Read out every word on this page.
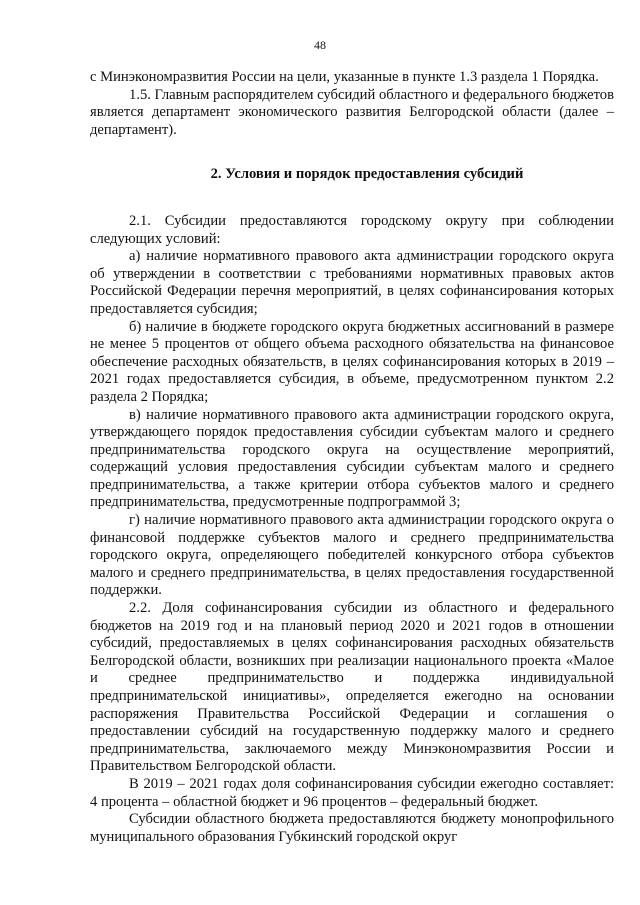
48

с Минэкономразвития России на цели, указанные в пункте 1.3 раздела 1 Порядка.

1.5. Главным распорядителем субсидий областного и федерального бюджетов является департамент экономического развития Белгородской области (далее – департамент).

2. Условия и порядок предоставления субсидий

2.1. Субсидии предоставляются городскому округу при соблюдении следующих условий:

а) наличие нормативного правового акта администрации городского округа об утверждении в соответствии с требованиями нормативных правовых актов Российской Федерации перечня мероприятий, в целях софинансирования которых предоставляется субсидия;

б) наличие в бюджете городского округа бюджетных ассигнований в размере не менее 5 процентов от общего объема расходного обязательства на финансовое обеспечение расходных обязательств, в целях софинансирования которых в 2019 – 2021 годах предоставляется субсидия, в объеме, предусмотренном пунктом 2.2 раздела 2 Порядка;

в) наличие нормативного правового акта администрации городского округа, утверждающего порядок предоставления субсидии субъектам малого и среднего предпринимательства городского округа на осуществление мероприятий, содержащий условия предоставления субсидии субъектам малого и среднего предпринимательства, а также критерии отбора субъектов малого и среднего предпринимательства, предусмотренные подпрограммой 3;

г) наличие нормативного правового акта администрации городского округа о финансовой поддержке субъектов малого и среднего предпринимательства городского округа, определяющего победителей конкурсного отбора субъектов малого и среднего предпринимательства, в целях предоставления государственной поддержки.

2.2. Доля софинансирования субсидии из областного и федерального бюджетов на 2019 год и на плановый период 2020 и 2021 годов в отношении субсидий, предоставляемых в целях софинансирования расходных обязательств Белгородской области, возникших при реализации национального проекта «Малое и среднее предпринимательство и поддержка индивидуальной предпринимательской инициативы», определяется ежегодно на основании распоряжения Правительства Российской Федерации и соглашения о предоставлении субсидий на государственную поддержку малого и среднего предпринимательства, заключаемого между Минэкономразвития России и Правительством Белгородской области.

В 2019 – 2021 годах доля софинансирования субсидии ежегодно составляет: 4 процента – областной бюджет и 96 процентов – федеральный бюджет.

Субсидии областного бюджета предоставляются бюджету монопрофильного муниципального образования Губкинский городской округ
